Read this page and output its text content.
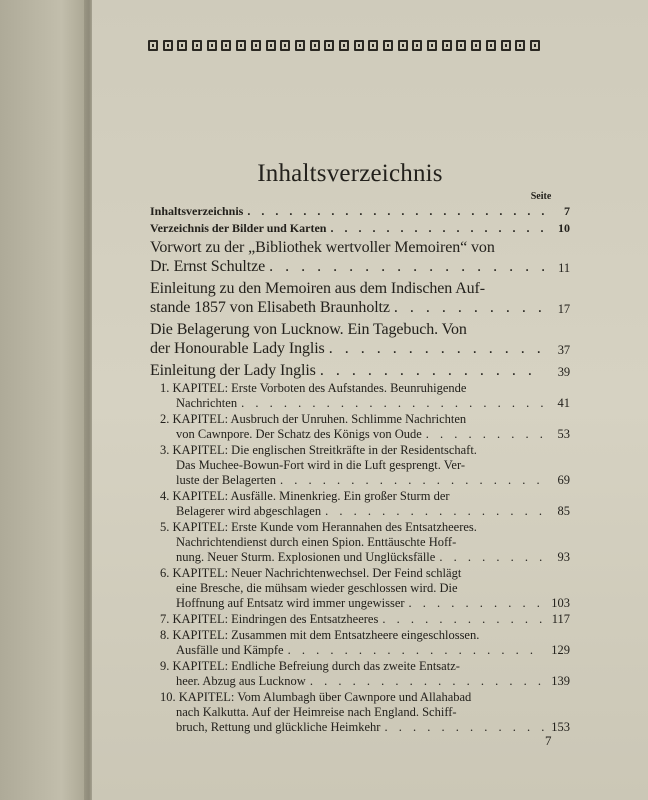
Inhaltsverzeichnis
Seite
Inhaltsverzeichnis . . .	7
Verzeichnis der Bilder und Karten . . .	10
Vorwort zu der „Bibliothek wertvoller Memoiren“ von
Dr. Ernst Schultze . . .	11
Einleitung zu den Memoiren aus dem Indischen Auf-
stande 1857 von Elisabeth Braunholtz . . .	17
Die Belagerung von Lucknow. Ein Tagebuch. Von
der Honourable Lady Inglis . . .	37
Einleitung der Lady Inglis . . .	39
1. KAPITEL: Erste Vorboten des Aufstandes. Beunruhigende
Nachrichten . . .	41
2. KAPITEL: Ausbruch der Unruhen. Schlimme Nachrichten
von Cawnpore. Der Schatz des Königs von Oude . . .	53
3. KAPITEL: Die englischen Streitkräfte in der Residentschaft.
Das Muchee-Bowun-Fort wird in die Luft gesprengt. Ver-
luste der Belagerten . . .	69
4. KAPITEL: Ausfälle. Minenkrieg. Ein großer Sturm der
Belagerer wird abgeschlagen . . .	85
5. KAPITEL: Erste Kunde vom Herannahen des Entsatzheeres.
Nachrichtendienst durch einen Spion. Enttäuschte Hoff-
nung. Neuer Sturm. Explosionen und Unglücksfälle . . .	93
6. KAPITEL: Neuer Nachrichtenwechsel. Der Feind schlägt
eine Bresche, die mühsam wieder geschlossen wird. Die
Hoffnung auf Entsatz wird immer ungewisser . . .	103
7. KAPITEL: Eindringen des Entsatzheeres . . .	117
8. KAPITEL: Zusammen mit dem Entsatzheere eingeschlossen.
Ausfälle und Kämpfe . . .	129
9. KAPITEL: Endliche Befreiung durch das zweite Entsatz-
heer. Abzug aus Lucknow . . .	139
10. KAPITEL: Vom Alumbagh über Cawnpore und Allahabad
nach Kalkutta. Auf der Heimreise nach England. Schiff-
bruch, Rettung und glückliche Heimkehr . . .	153
7
